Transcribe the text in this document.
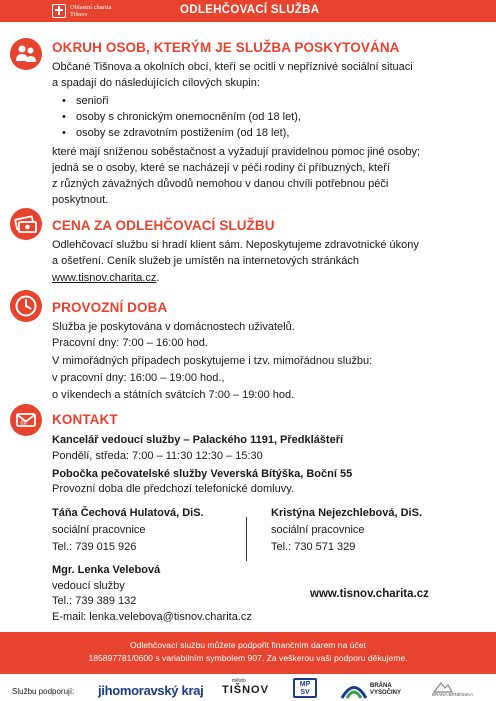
Oblastní charita
Tišnov	ODLEHČOVACÍ SLUŽBA
OKRUH OSOB, KTERÝM JE SLUŽBA POSKYTOVÁNA
Občané Tišnova a okolních obcí, kteří se ocitli v nepříznivé sociální situaci
a spadají do následujících cílových skupin:
• senioři
• osoby s chronickým onemocněním (od 18 let),
• osoby se zdravotním postižením (od 18 let),
které mají sníženou soběstačnost a vyžadují pravidelnou pomoc jiné osoby;
jedná se o osoby, které se nacházejí v péči rodiny či příbuzných, kteří
z různých závažných důvodů nemohou v danou chvíli potřebnou péči
poskytnout.
CENA ZA ODLEHČOVACÍ SLUŽBU
Odlehčovací službu si hradí klient sám. Neposkytujeme zdravotnické úkony
a ošetření. Ceník služeb je umístěn na internetových stránkách
www.tisnov.charita.cz.
PROVOZNÍ DOBA
Služba je poskytována v domácnostech uživatelů.
Pracovní dny: 7:00 – 16:00 hod.
V mimořádných případech poskytujeme i tzv. mimořádnou službu:
v pracovní dny: 16:00 – 19:00 hod.,
o víkendech a státních svátcích 7:00 – 19:00 hod.
@ KONTAKT
Kancelář vedoucí služby – Palackého 1191, Předklášteří
Pondělí, středa: 7:00 – 11:30 12:30 – 15:30
Pobočka pečovatelské služby Veverská Bítýška, Boční 55
Provozní doba dle předchozí telefonické domluvy.
Táňa Čechová Hulatová, DiS.
sociální pracovnice
Tel.: 739 015 926
Kristýna Nejezchlebová, DiS.
sociální pracovnice
Tel.: 730 571 329
Mgr. Lenka Velebová
vedoucí služby
Tel.: 739 389 132
E-mail: lenka.velebova@tisnov.charita.cz
www.tisnov.charita.cz
Odlehčovací službu můžete podpořit finančním darem na účet
185897781/0600 s variabilním symbolem 907. Za veškerou vaši podporu děkujeme.
Službu podporují: jihomoravský kraj
město
TIŠNOV	MP SV
BRÁNA VYSOČINY	BRÁNA BRNĚNSKA
